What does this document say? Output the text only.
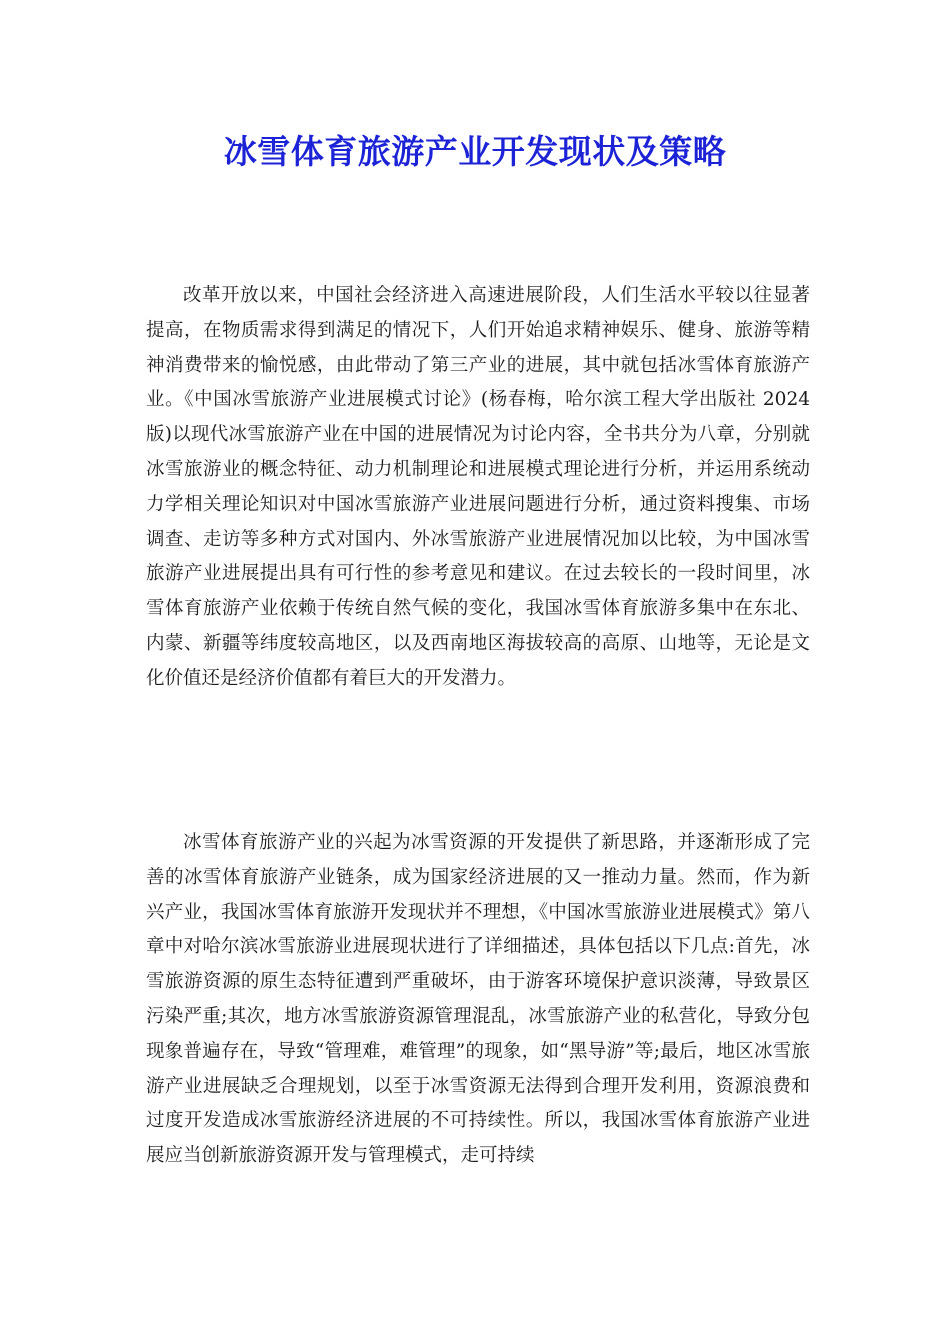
冰雪体育旅游产业开发现状及策略

改革开放以来，中国社会经济进入高速进展阶段，人们生活水平较以往显著提高，在物质需求得到满足的情况下，人们开始追求精神娱乐、健身、旅游等精神消费带来的愉悦感，由此带动了第三产业的进展，其中就包括冰雪体育旅游产业。《中国冰雪旅游产业进展模式讨论》(杨春梅，哈尔滨工程大学出版社 2024 版)以现代冰雪旅游产业在中国的进展情况为讨论内容，全书共分为八章，分别就冰雪旅游业的概念特征、动力机制理论和进展模式理论进行分析，并运用系统动力学相关理论知识对中国冰雪旅游产业进展问题进行分析，通过资料搜集、市场调查、走访等多种方式对国内、外冰雪旅游产业进展情况加以比较，为中国冰雪旅游产业进展提出具有可行性的参考意见和建议。在过去较长的一段时间里，冰雪体育旅游产业依赖于传统自然气候的变化，我国冰雪体育旅游多集中在东北、内蒙、新疆等纬度较高地区，以及西南地区海拔较高的高原、山地等，无论是文化价值还是经济价值都有着巨大的开发潜力。

冰雪体育旅游产业的兴起为冰雪资源的开发提供了新思路，并逐渐形成了完善的冰雪体育旅游产业链条，成为国家经济进展的又一推动力量。然而，作为新兴产业，我国冰雪体育旅游开发现状并不理想，《中国冰雪旅游业进展模式》第八章中对哈尔滨冰雪旅游业进展现状进行了详细描述，具体包括以下几点:首先，冰雪旅游资源的原生态特征遭到严重破坏，由于游客环境保护意识淡薄，导致景区污染严重;其次，地方冰雪旅游资源管理混乱，冰雪旅游产业的私营化，导致分包现象普遍存在，导致“管理难，难管理”的现象，如“黑导游”等;最后，地区冰雪旅游产业进展缺乏合理规划，以至于冰雪资源无法得到合理开发利用，资源浪费和过度开发造成冰雪旅游经济进展的不可持续性。所以，我国冰雪体育旅游产业进展应当创新旅游资源开发与管理模式，走可持续
